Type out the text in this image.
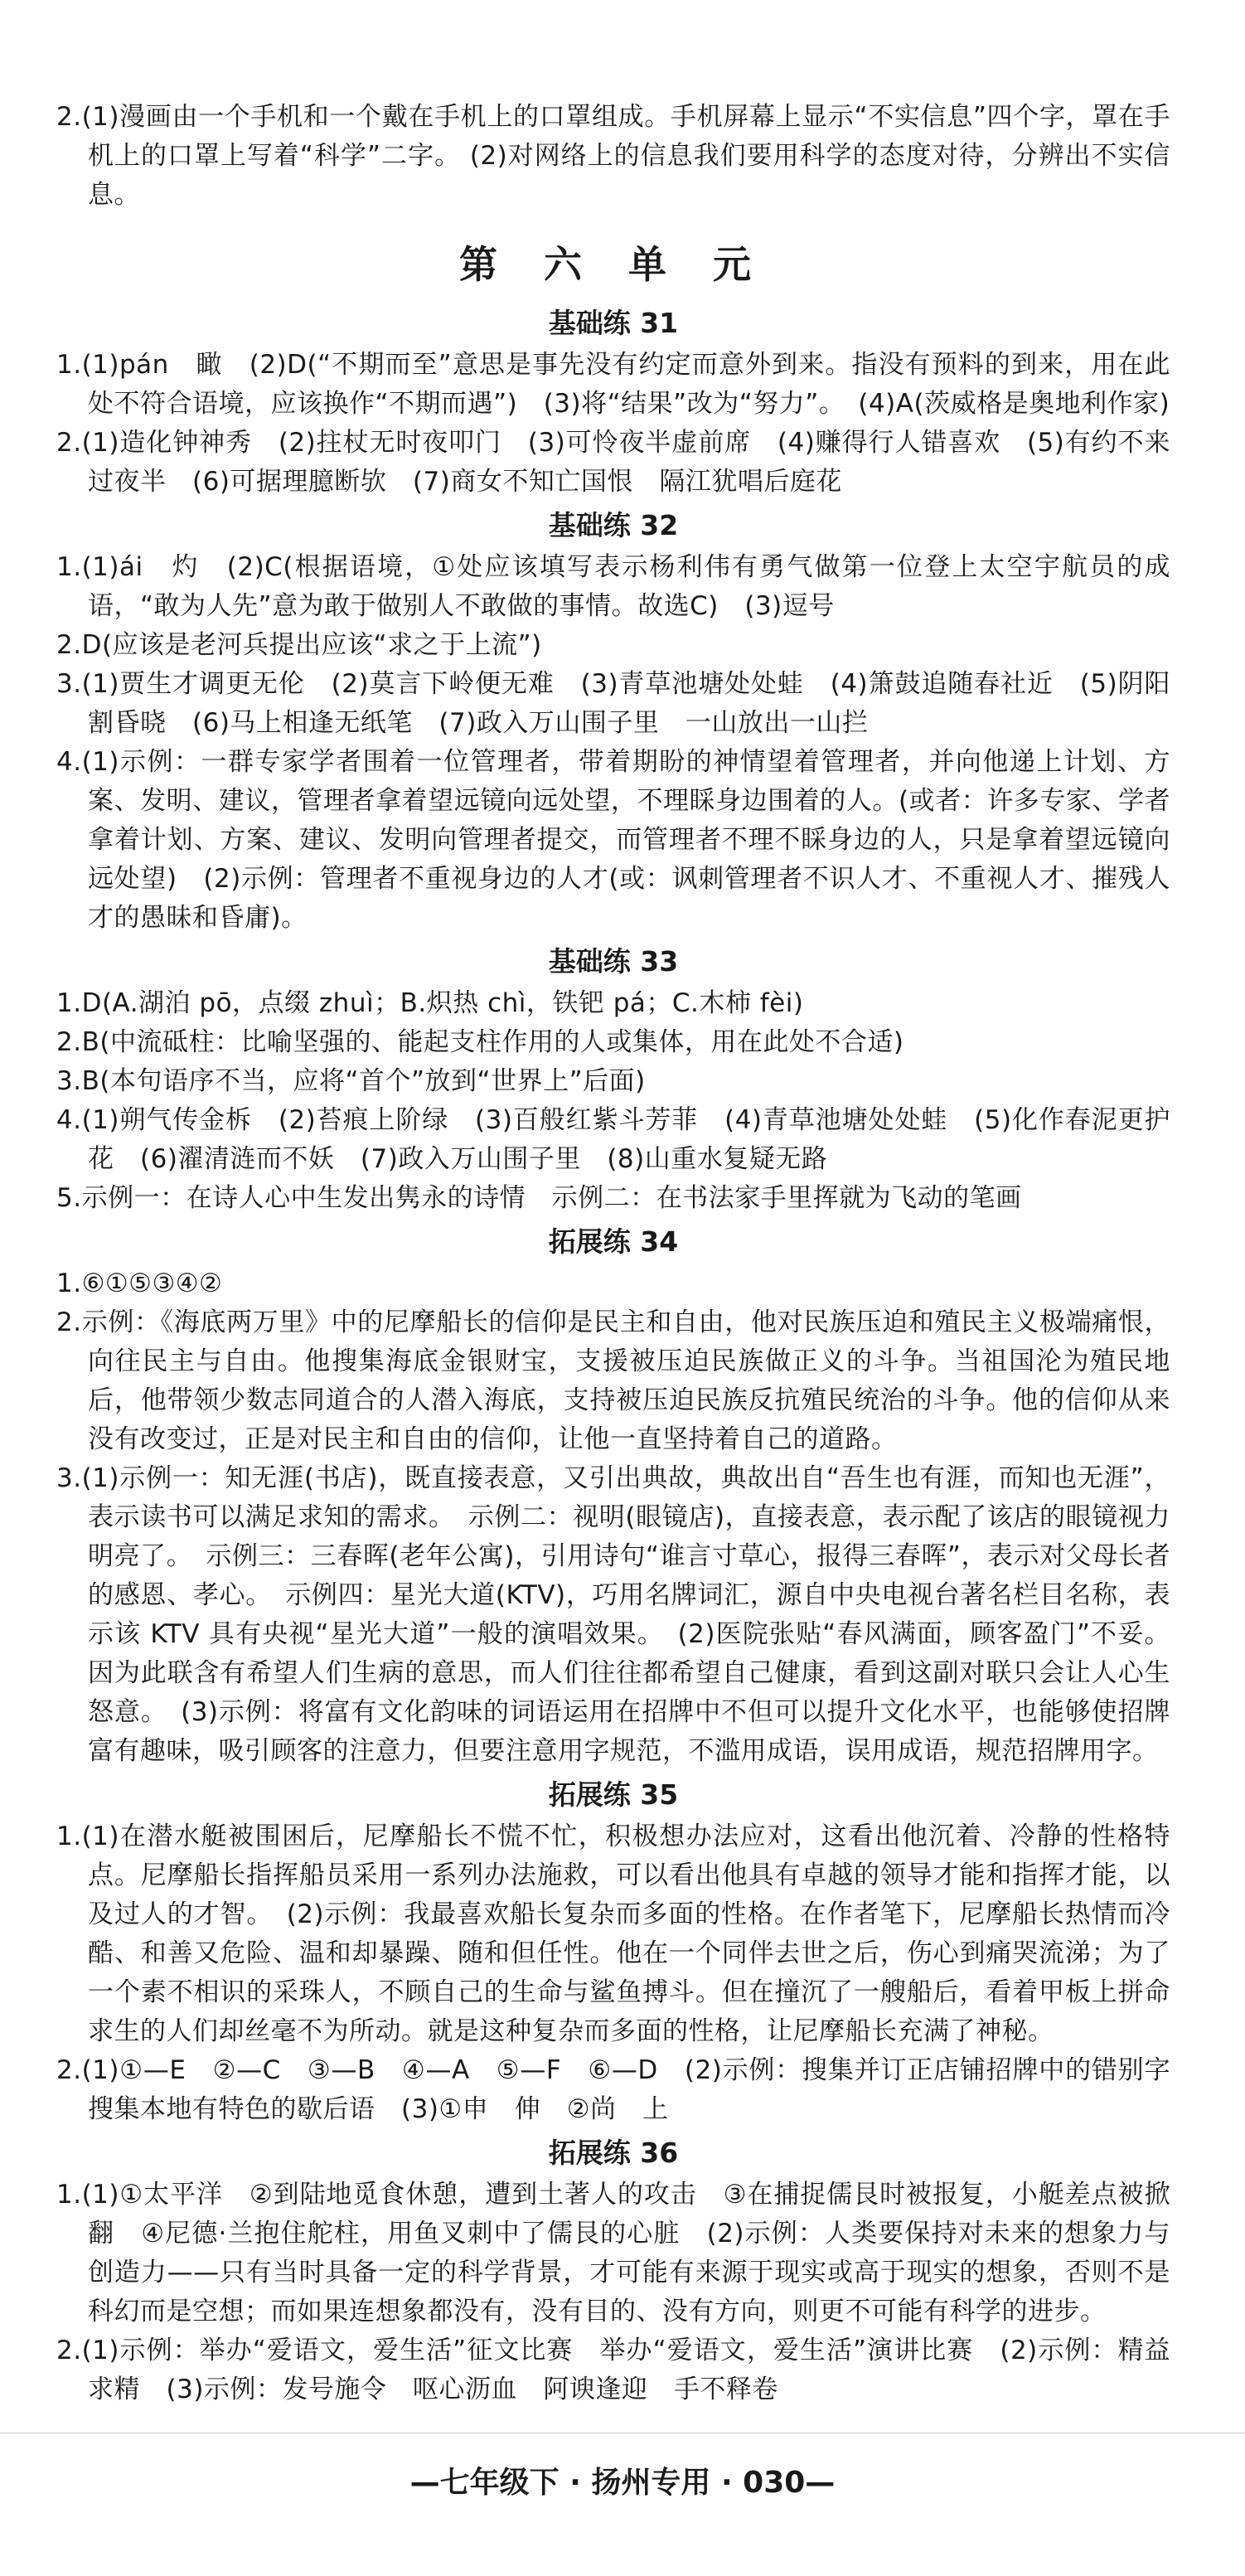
2.(1)漫画由一个手机和一个戴在手机上的口罩组成。手机屏幕上显示“不实信息”四个字，罩在手机上的口罩上写着“科学”二字。 (2)对网络上的信息我们要用科学的态度对待，分辨出不实信息。

第 六 单 元
基础练 31

1.(1)pán　瞰　(2)D(“不期而至”意思是事先没有约定而意外到来。指没有预料的到来，用在此处不符合语境，应该换作“不期而遇”)　(3)将“结果”改为“努力”。　(4)A(茨威格是奥地利作家)

2.(1)造化钟神秀　(2)拄杖无时夜叩门　(3)可怜夜半虚前席　(4)赚得行人错喜欢　(5)有约不来过夜半　(6)可据理臆断欤　(7)商女不知亡国恨　隔江犹唱后庭花

基础练 32

1.(1)ái　灼　(2)C(根据语境，①处应该填写表示杨利伟有勇气做第一位登上太空宇航员的成语，“敢为人先”意为敢于做别人不敢做的事情。故选C)　(3)逗号

2.D(应该是老河兵提出应该“求之于上流”)

3.(1)贾生才调更无伦　(2)莫言下岭便无难　(3)青草池塘处处蛙　(4)箫鼓追随春社近　(5)阴阳割昏晓　(6)马上相逢无纸笔　(7)政入万山围子里　一山放出一山拦

4.(1)示例：一群专家学者围着一位管理者，带着期盼的神情望着管理者，并向他递上计划、方案、发明、建议，管理者拿着望远镜向远处望，不理睬身边围着的人。(或者：许多专家、学者拿着计划、方案、建议、发明向管理者提交，而管理者不理不睬身边的人，只是拿着望远镜向远处望)　(2)示例：管理者不重视身边的人才(或：讽刺管理者不识人才、不重视人才、摧残人才的愚昧和昏庸)。

基础练 33

1.D(A.湖泊 pō，点缀 zhuì；B.炽热 chì，铁钯 pá；C.木柿 fèi)

2.B(中流砥柱：比喻坚强的、能起支柱作用的人或集体，用在此处不合适)

3.B(本句语序不当，应将“首个”放到“世界上”后面)

4.(1)朔气传金柝　(2)苔痕上阶绿　(3)百般红紫斗芳菲　(4)青草池塘处处蛙　(5)化作春泥更护花　(6)濯清涟而不妖　(7)政入万山围子里　(8)山重水复疑无路

5.示例一：在诗人心中生发出隽永的诗情　示例二：在书法家手里挥就为飞动的笔画

拓展练 34

1.⑥①⑤③④②

2.示例：《海底两万里》中的尼摩船长的信仰是民主和自由，他对民族压迫和殖民主义极端痛恨，向往民主与自由。他搜集海底金银财宝，支援被压迫民族做正义的斗争。当祖国沦为殖民地后，他带领少数志同道合的人潜入海底，支持被压迫民族反抗殖民统治的斗争。他的信仰从来没有改变过，正是对民主和自由的信仰，让他一直坚持着自己的道路。

3.(1)示例一：知无涯(书店)，既直接表意，又引出典故，典故出自“吾生也有涯，而知也无涯”，表示读书可以满足求知的需求。　示例二：视明(眼镜店)，直接表意，表示配了该店的眼镜视力明亮了。　示例三：三春晖(老年公寓)，引用诗句“谁言寸草心，报得三春晖”，表示对父母长者的感恩、孝心。　示例四：星光大道(KTV)，巧用名牌词汇，源自中央电视台著名栏目名称，表示该 KTV 具有央视“星光大道”一般的演唱效果。　(2)医院张贴“春风满面，顾客盈门”不妥。因为此联含有希望人们生病的意思，而人们往往都希望自己健康，看到这副对联只会让人心生怒意。　(3)示例：将富有文化韵味的词语运用在招牌中不但可以提升文化水平，也能够使招牌富有趣味，吸引顾客的注意力，但要注意用字规范，不滥用成语，误用成语，规范招牌用字。

拓展练 35

1.(1)在潜水艇被围困后，尼摩船长不慌不忙，积极想办法应对，这看出他沉着、冷静的性格特点。尼摩船长指挥船员采用一系列办法施救，可以看出他具有卓越的领导才能和指挥才能，以及过人的才智。　(2)示例：我最喜欢船长复杂而多面的性格。在作者笔下，尼摩船长热情而冷酷、和善又危险、温和却暴躁、随和但任性。他在一个同伴去世之后，伤心到痛哭流涕；为了一个素不相识的采珠人，不顾自己的生命与鲨鱼搏斗。但在撞沉了一艘船后，看着甲板上拼命求生的人们却丝毫不为所动。就是这种复杂而多面的性格，让尼摩船长充满了神秘。

2.(1)①—E　②—C　③—B　④—A　⑤—F　⑥—D　(2)示例：搜集并订正店铺招牌中的错别字　搜集本地有特色的歇后语　(3)①申　伸　②尚　上

拓展练 36

1.(1)①太平洋　②到陆地觅食休憩，遭到土著人的攻击　③在捕捉儒艮时被报复，小艇差点被掀翻　④尼德·兰抱住舵柱，用鱼叉刺中了儒艮的心脏　(2)示例：人类要保持对未来的想象力与创造力——只有当时具备一定的科学背景，才可能有来源于现实或高于现实的想象，否则不是科幻而是空想；而如果连想象都没有，没有目的、没有方向，则更不可能有科学的进步。

2.(1)示例：举办“爱语文，爱生活”征文比赛　举办“爱语文，爱生活”演讲比赛　(2)示例：精益求精　(3)示例：发号施令　呕心沥血　阿谀逢迎　手不释卷

—七年级下 · 扬州专用 · 030—
